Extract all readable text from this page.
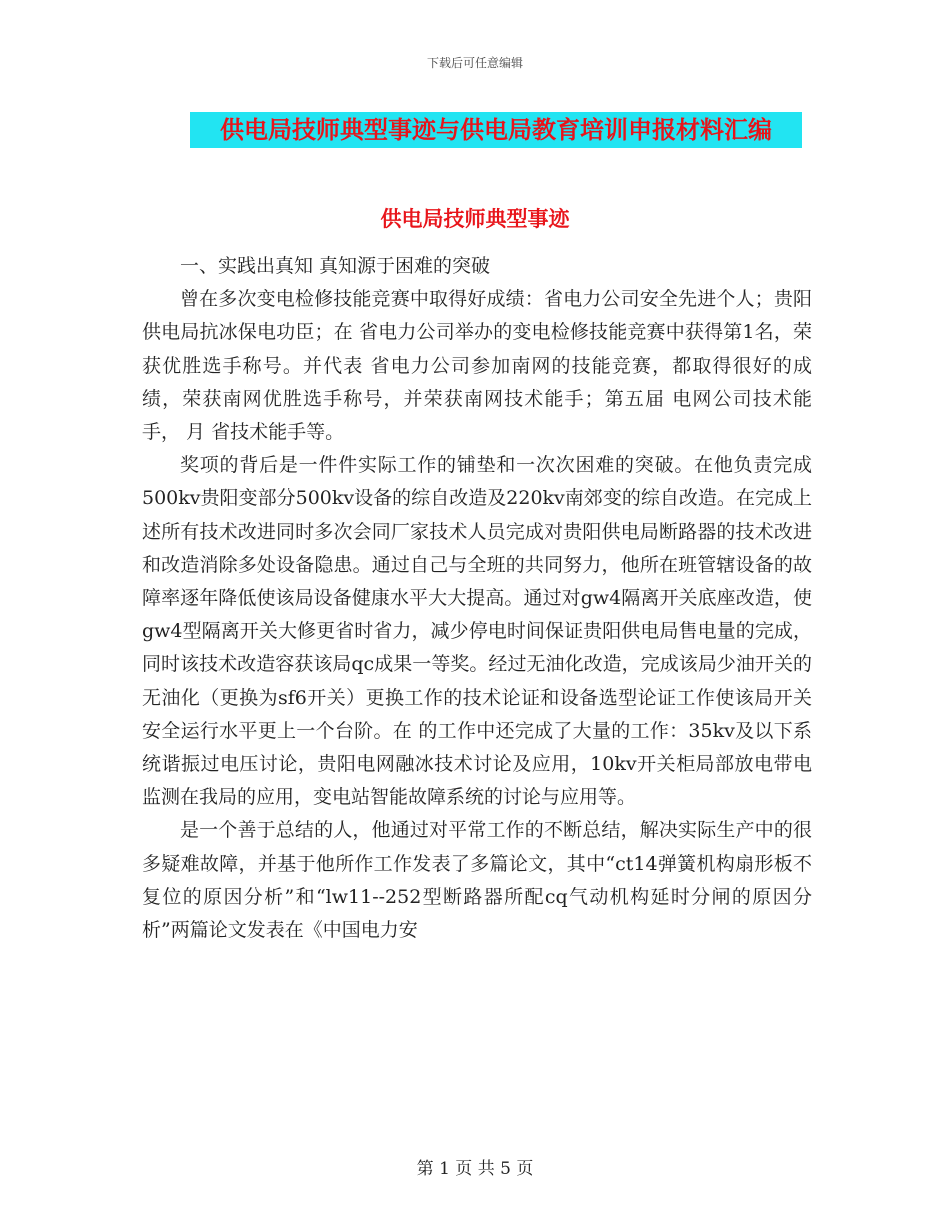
下载后可任意编辑
供电局技师典型事迹与供电局教育培训申报材料汇编
供电局技师典型事迹

一、实践出真知 真知源于困难的突破

曾在多次变电检修技能竞赛中取得好成绩：省电力公司安全先进个人；贵阳供电局抗冰保电功臣；在 省电力公司举办的变电检修技能竞赛中获得第1名，荣获优胜选手称号。并代表 省电力公司参加南网的技能竞赛，都取得很好的成绩，荣获南网优胜选手称号，并荣获南网技术能手；第五届 电网公司技术能手， 月 省技术能手等。

奖项的背后是一件件实际工作的铺垫和一次次困难的突破。在他负责完成500kv贵阳变部分500kv设备的综自改造及220kv南郊变的综自改造。在完成上述所有技术改进同时多次会同厂家技术人员完成对贵阳供电局断路器的技术改进和改造消除多处设备隐患。通过自己与全班的共同努力，他所在班管辖设备的故障率逐年降低使该局设备健康水平大大提高。通过对gw4隔离开关底座改造，使gw4型隔离开关大修更省时省力，减少停电时间保证贵阳供电局售电量的完成，同时该技术改造容获该局qc成果一等奖。经过无油化改造，完成该局少油开关的无油化（更换为sf6开关）更换工作的技术论证和设备选型论证工作使该局开关安全运行水平更上一个台阶。在 的工作中还完成了大量的工作：35kv及以下系统谐振过电压讨论，贵阳电网融冰技术讨论及应用，10kv开关柜局部放电带电监测在我局的应用，变电站智能故障系统的讨论与应用等。

是一个善于总结的人，他通过对平常工作的不断总结，解决实际生产中的很多疑难故障，并基于他所作工作发表了多篇论文，其中“ct14弹簧机构扇形板不复位的原因分析”和“lw11--252型断路器所配cq气动机构延时分闸的原因分析”两篇论文发表在《中国电力安

第 1 页 共 5 页
